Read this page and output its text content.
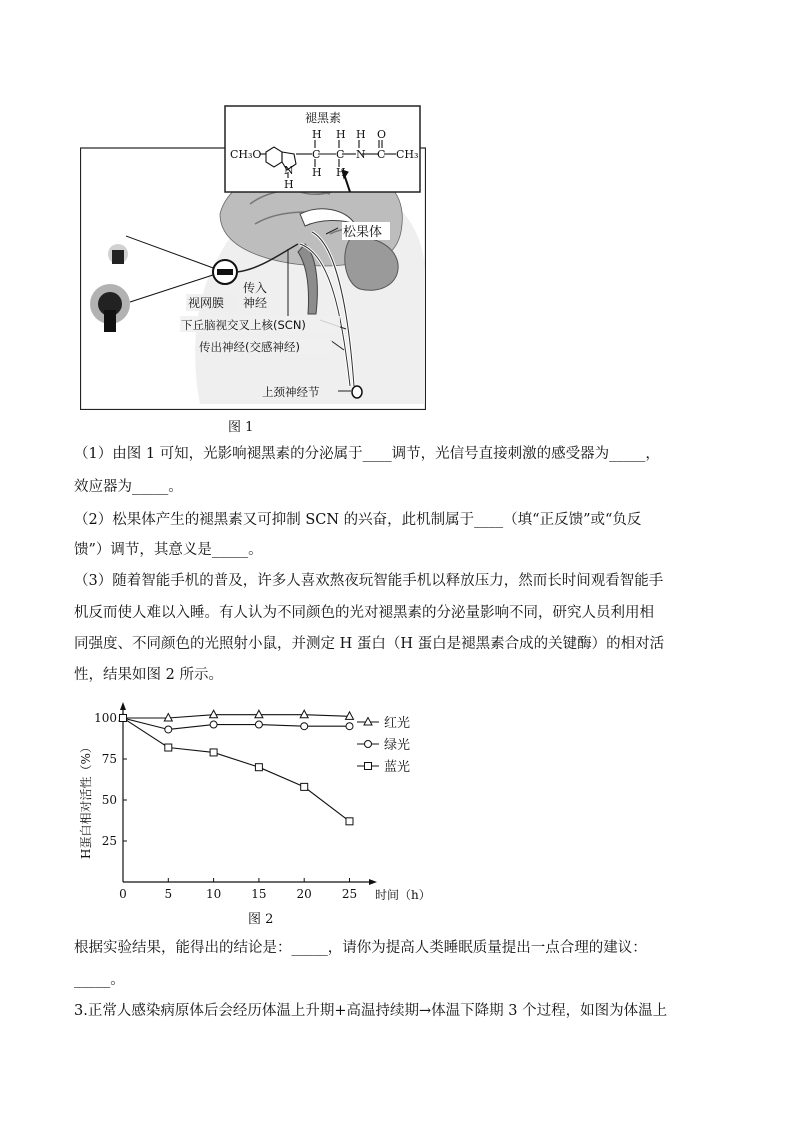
H H H O
C C N C
H H
N
H
CH₃
CH₃O
褪黑素
松果体
视网膜
传入
神经
下丘脑视交叉上核(SCN)
传出神经(交感神经)
上颈神经节
图 1
（1）由图 1 可知，光影响褪黑素的分泌属于____调节，光信号直接刺激的感受器为_____，
效应器为_____。
（2）松果体产生的褪黑素又可抑制 SCN 的兴奋，此机制属于____（填“正反馈”或“负反
馈”）调节，其意义是_____。
（3）随着智能手机的普及，许多人喜欢熬夜玩智能手机以释放压力，然而长时间观看智能手
机反而使人难以入睡。有人认为不同颜色的光对褪黑素的分泌量影响不同，研究人员利用相
同强度、不同颜色的光照射小鼠，并测定 H 蛋白（H 蛋白是褪黑素合成的关键酶）的相对活
性，结果如图 2 所示。
0	5	10	15	20	25
25
50
75
100
时间（h）
H蛋白相对活性（%）
红光
绿光
蓝光
图 2
根据实验结果，能得出的结论是：_____，请你为提高人类睡眠质量提出一点合理的建议：
_____。
3.正常人感染病原体后会经历体温上升期+高温持续期→体温下降期 3 个过程，如图为体温上
